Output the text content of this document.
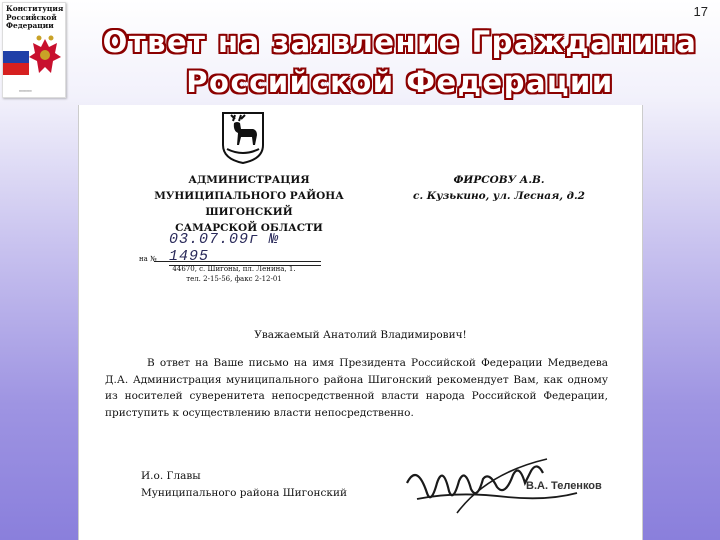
17
Конституция
Российской
Федерации
━━━━━━━
Ответ на заявление Гражданина
Российской Федерации
АДМИНИСТРАЦИЯ
МУНИЦИПАЛЬНОГО РАЙОНА
ШИГОНСКИЙ
САМАРСКОЙ ОБЛАСТИ
ФИРСОВУ А.В.
с. Кузькино, ул. Лесная, д.2
03.07.09г № 1495
на №
44670, с. Шигоны, пл. Ленина, 1.
тел. 2-15-56, факс 2-12-01
Уважаемый Анатолий Владимирович!
В ответ на Ваше письмо на имя Президента Российской Федерации Медведева Д.А. Администрация муниципального района Шигонский рекомендует Вам, как одному из носителей суверенитета непосредственной власти народа Российской Федерации, приступить к осуществлению власти непосредственно.
И.о. Главы
Муниципального района Шигонский
В.А. Теленков
